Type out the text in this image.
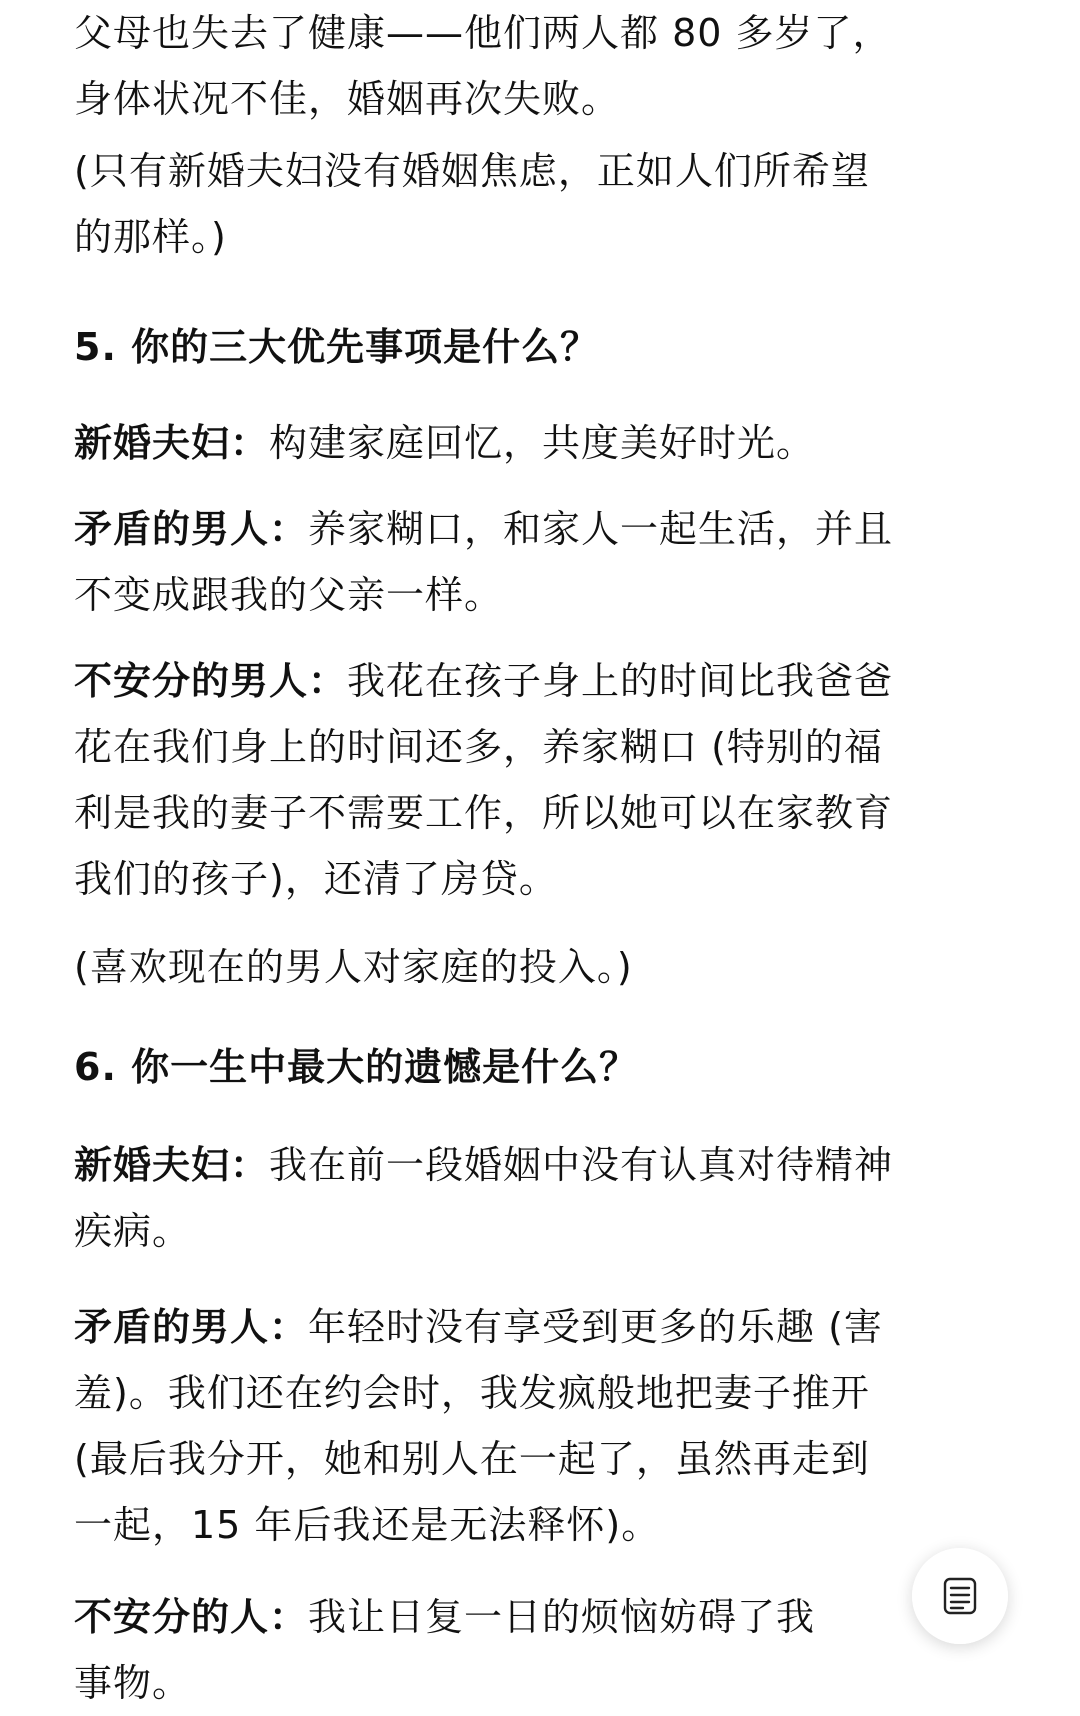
父母也失去了健康——他们两人都 80 多岁了，
身体状况不佳，婚姻再次失败。

(只有新婚夫妇没有婚姻焦虑，正如人们所希望
的那样。)

5. 你的三大优先事项是什么？

新婚夫妇：构建家庭回忆，共度美好时光。

矛盾的男人：养家糊口，和家人一起生活，并且
不变成跟我的父亲一样。

不安分的男人：我花在孩子身上的时间比我爸爸
花在我们身上的时间还多，养家糊口 (特别的福
利是我的妻子不需要工作，所以她可以在家教育
我们的孩子)，还清了房贷。

(喜欢现在的男人对家庭的投入。)

6. 你一生中最大的遗憾是什么？

新婚夫妇：我在前一段婚姻中没有认真对待精神
疾病。

矛盾的男人：年轻时没有享受到更多的乐趣 (害
羞)。我们还在约会时，我发疯般地把妻子推开
(最后我分开，她和别人在一起了，虽然再走到
一起，15 年后我还是无法释怀)。

不安分的人：我让日复一日的烦恼妨碍了我
事物。
